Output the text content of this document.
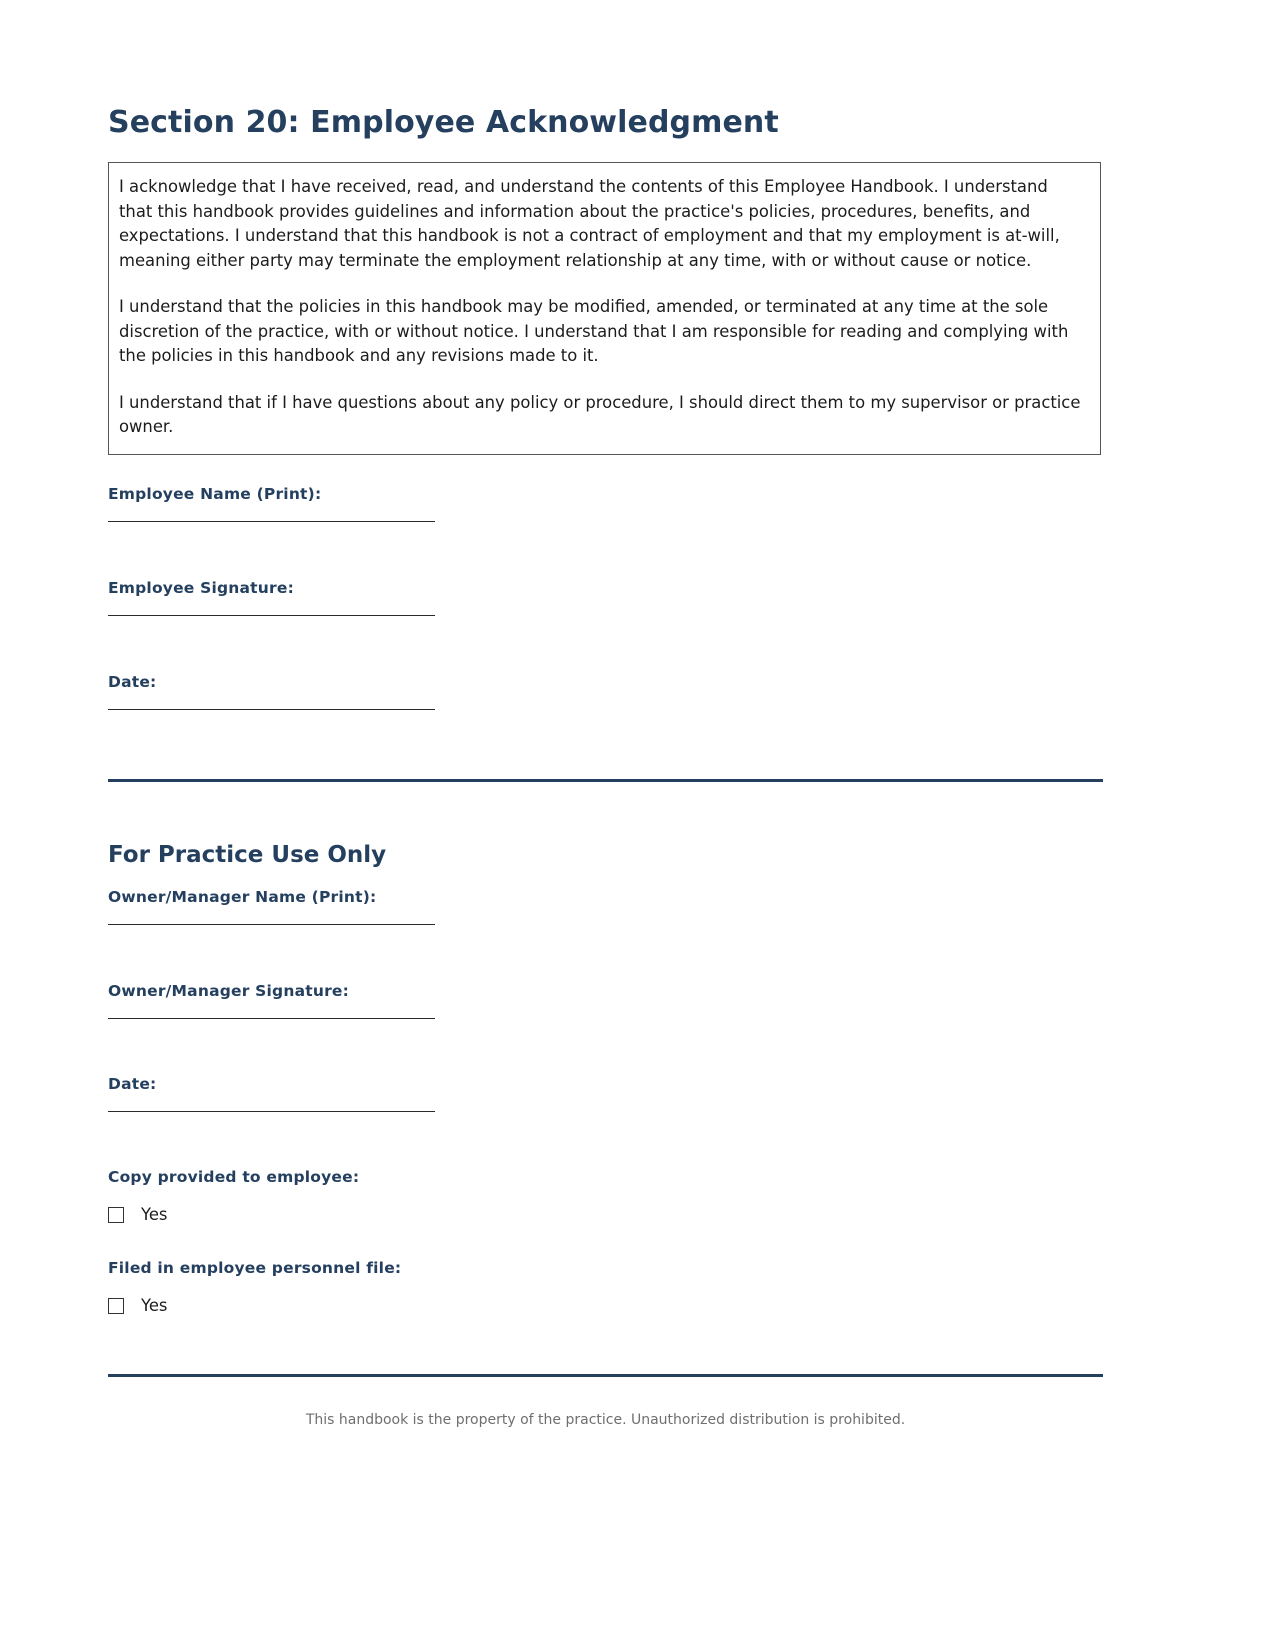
Section 20: Employee Acknowledgment

I acknowledge that I have received, read, and understand the contents of this Employee Handbook. I understand that this handbook provides guidelines and information about the practice's policies, procedures, benefits, and expectations. I understand that this handbook is not a contract of employment and that my employment is at-will, meaning either party may terminate the employment relationship at any time, with or without cause or notice.

I understand that the policies in this handbook may be modified, amended, or terminated at any time at the sole discretion of the practice, with or without notice. I understand that I am responsible for reading and complying with the policies in this handbook and any revisions made to it.

I understand that if I have questions about any policy or procedure, I should direct them to my supervisor or practice owner.

Employee Name (Print):
Employee Signature:
Date:
For Practice Use Only
Owner/Manager Name (Print):
Owner/Manager Signature:
Date:
Copy provided to employee:
Yes
Filed in employee personnel file:
Yes
This handbook is the property of the practice. Unauthorized distribution is prohibited.
